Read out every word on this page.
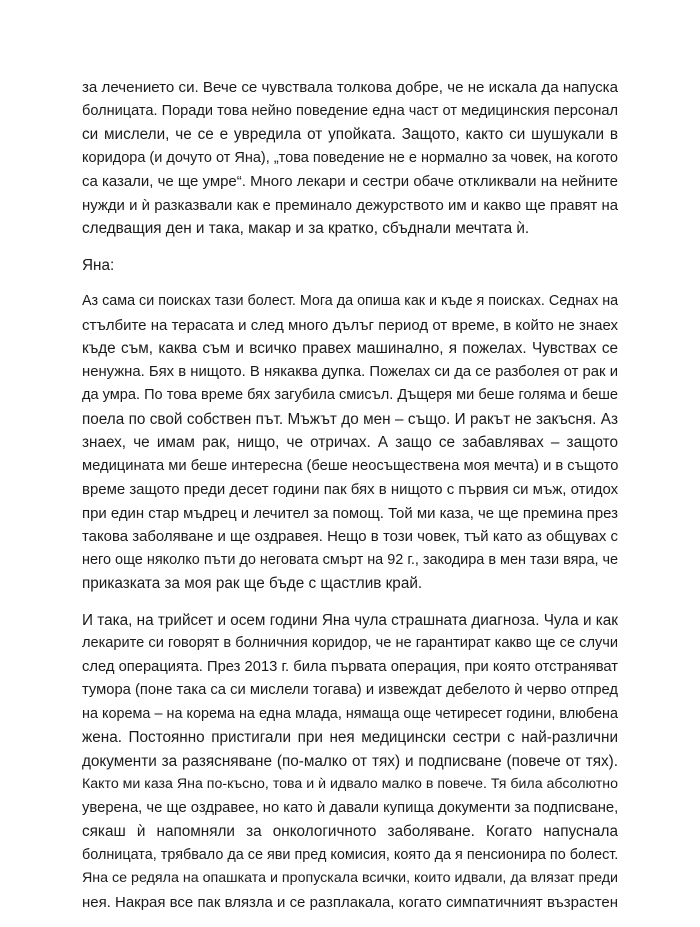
за лечението си. Вече се чувствала толкова добре, че не искала да напуска
болницата. Поради това нейно поведение една част от медицинския персонал
си мислели, че се е увредила от упойката. Защото, както си шушукали в
коридора (и дочуто от Яна), „това поведение не е нормално за човек, на когото
са казали, че ще умре“. Много лекари и сестри обаче откликвали на нейните
нужди и ѝ разказвали как е преминало дежурството им и какво ще правят на
следващия ден и така, макар и за кратко, сбъднали мечтата ѝ.
Яна:
Аз сама си поисках тази болест. Мога да опиша как и къде я поисках. Седнах на
стълбите на терасата и след много дълъг период от време, в който не знаех
къде съм, каква съм и всичко правех машинално, я пожелах. Чувствах се
ненужна. Бях в нищото. В някаква дупка. Пожелах си да се разболея от рак и
да умра. По това време бях загубила смисъл. Дъщеря ми беше голяма и беше
поела по свой собствен път. Мъжът до мен – също. И ракът не закъсня. Аз
знаех, че имам рак, нищо, че отричах. А защо се забавлявах – защото
медицината ми беше интересна (беше неосъществена моя мечта) и в същото
време защото преди десет години пак бях в нищото с първия си мъж, отидох
при един стар мъдрец и лечител за помощ. Той ми каза, че ще премина през
такова заболяване и ще оздравея. Нещо в този човек, тъй като аз общувах с
него още няколко пъти до неговата смърт на 92 г., закодира в мен тази вяра, че
приказката за моя рак ще бъде с щастлив край.
И така, на трийсет и осем години Яна чула страшната диагноза. Чула и как
лекарите си говорят в болничния коридор, че не гарантират какво ще се случи
след операцията. През 2013 г. била първата операция, при която отстраняват
тумора (поне така са си мислели тогава) и извеждат дебелото ѝ черво отпред
на корема – на корема на една млада, нямаща още четиресет години, влюбена
жена. Постоянно пристигали при нея медицински сестри с най-различни
документи за разясняване (по-малко от тях) и подписване (повече от тях).
Както ми каза Яна по-късно, това и ѝ идвало малко в повече. Тя била абсолютно
уверена, че ще оздравее, но като ѝ давали купища документи за подписване,
сякаш ѝ напомняли за онкологичното заболяване. Когато напуснала
болницата, трябвало да се яви пред комисия, която да я пенсионира по болест.
Яна се редяла на опашката и пропускала всички, които идвали, да влязат преди
нея. Накрая все пак влязла и се разплакала, когато симпатичният възрастен
